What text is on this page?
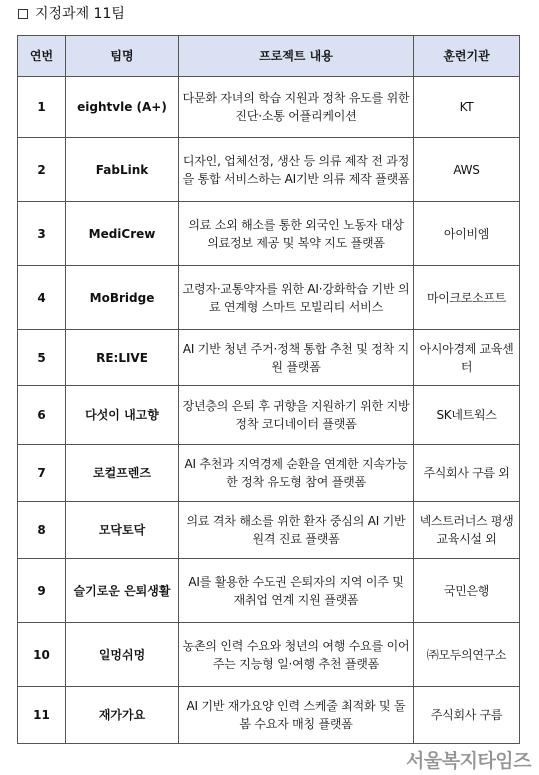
지정과제 11팀
연번	팀명	프로젝트 내용	훈련기관
1	eightvle (A+)	다문화 자녀의 학습 지원과 정착 유도를 위한 진단·소통 어플리케이션	KT
2	FabLink	디자인, 업체선정, 생산 등 의류 제작 전 과정을 통합 서비스하는 AI기반 의류 제작 플랫폼	AWS
3	MediCrew	의료 소외 해소를 통한 외국인 노동자 대상 의료정보 제공 및 복약 지도 플랫폼	아이비엠
4	MoBridge	고령자·교통약자를 위한 AI·강화학습 기반 의료 연계형 스마트 모빌리티 서비스	마이크로소프트
5	RE:LIVE	AI 기반 청년 주거·정책 통합 추천 및 정착 지원 플랫폼	아시아경제 교육센터
6	다섯이 내고향	장년층의 은퇴 후 귀향을 지원하기 위한 지방 정착 코디네이터 플랫폼	SK네트웍스
7	로컬프렌즈	AI 추천과 지역경제 순환을 연계한 지속가능한 정착 유도형 참여 플랫폼	주식회사 구름 외
8	모닥토닥	의료 격차 해소를 위한 환자 중심의 AI 기반 원격 진료 플랫폼	넥스트러너스 평생교육시설 외
9	슬기로운 은퇴생활	AI를 활용한 수도권 은퇴자의 지역 이주 및 재취업 연계 지원 플랫폼	국민은행
10	일멍쉬멍	농촌의 인력 수요와 청년의 여행 수요를 이어주는 지능형 일·여행 추천 플랫폼	㈜모두의연구소
11	재가가요	AI 기반 재가요양 인력 스케줄 최적화 및 돌봄 수요자 매칭 플랫폼	주식회사 구름
서울복지타임즈
